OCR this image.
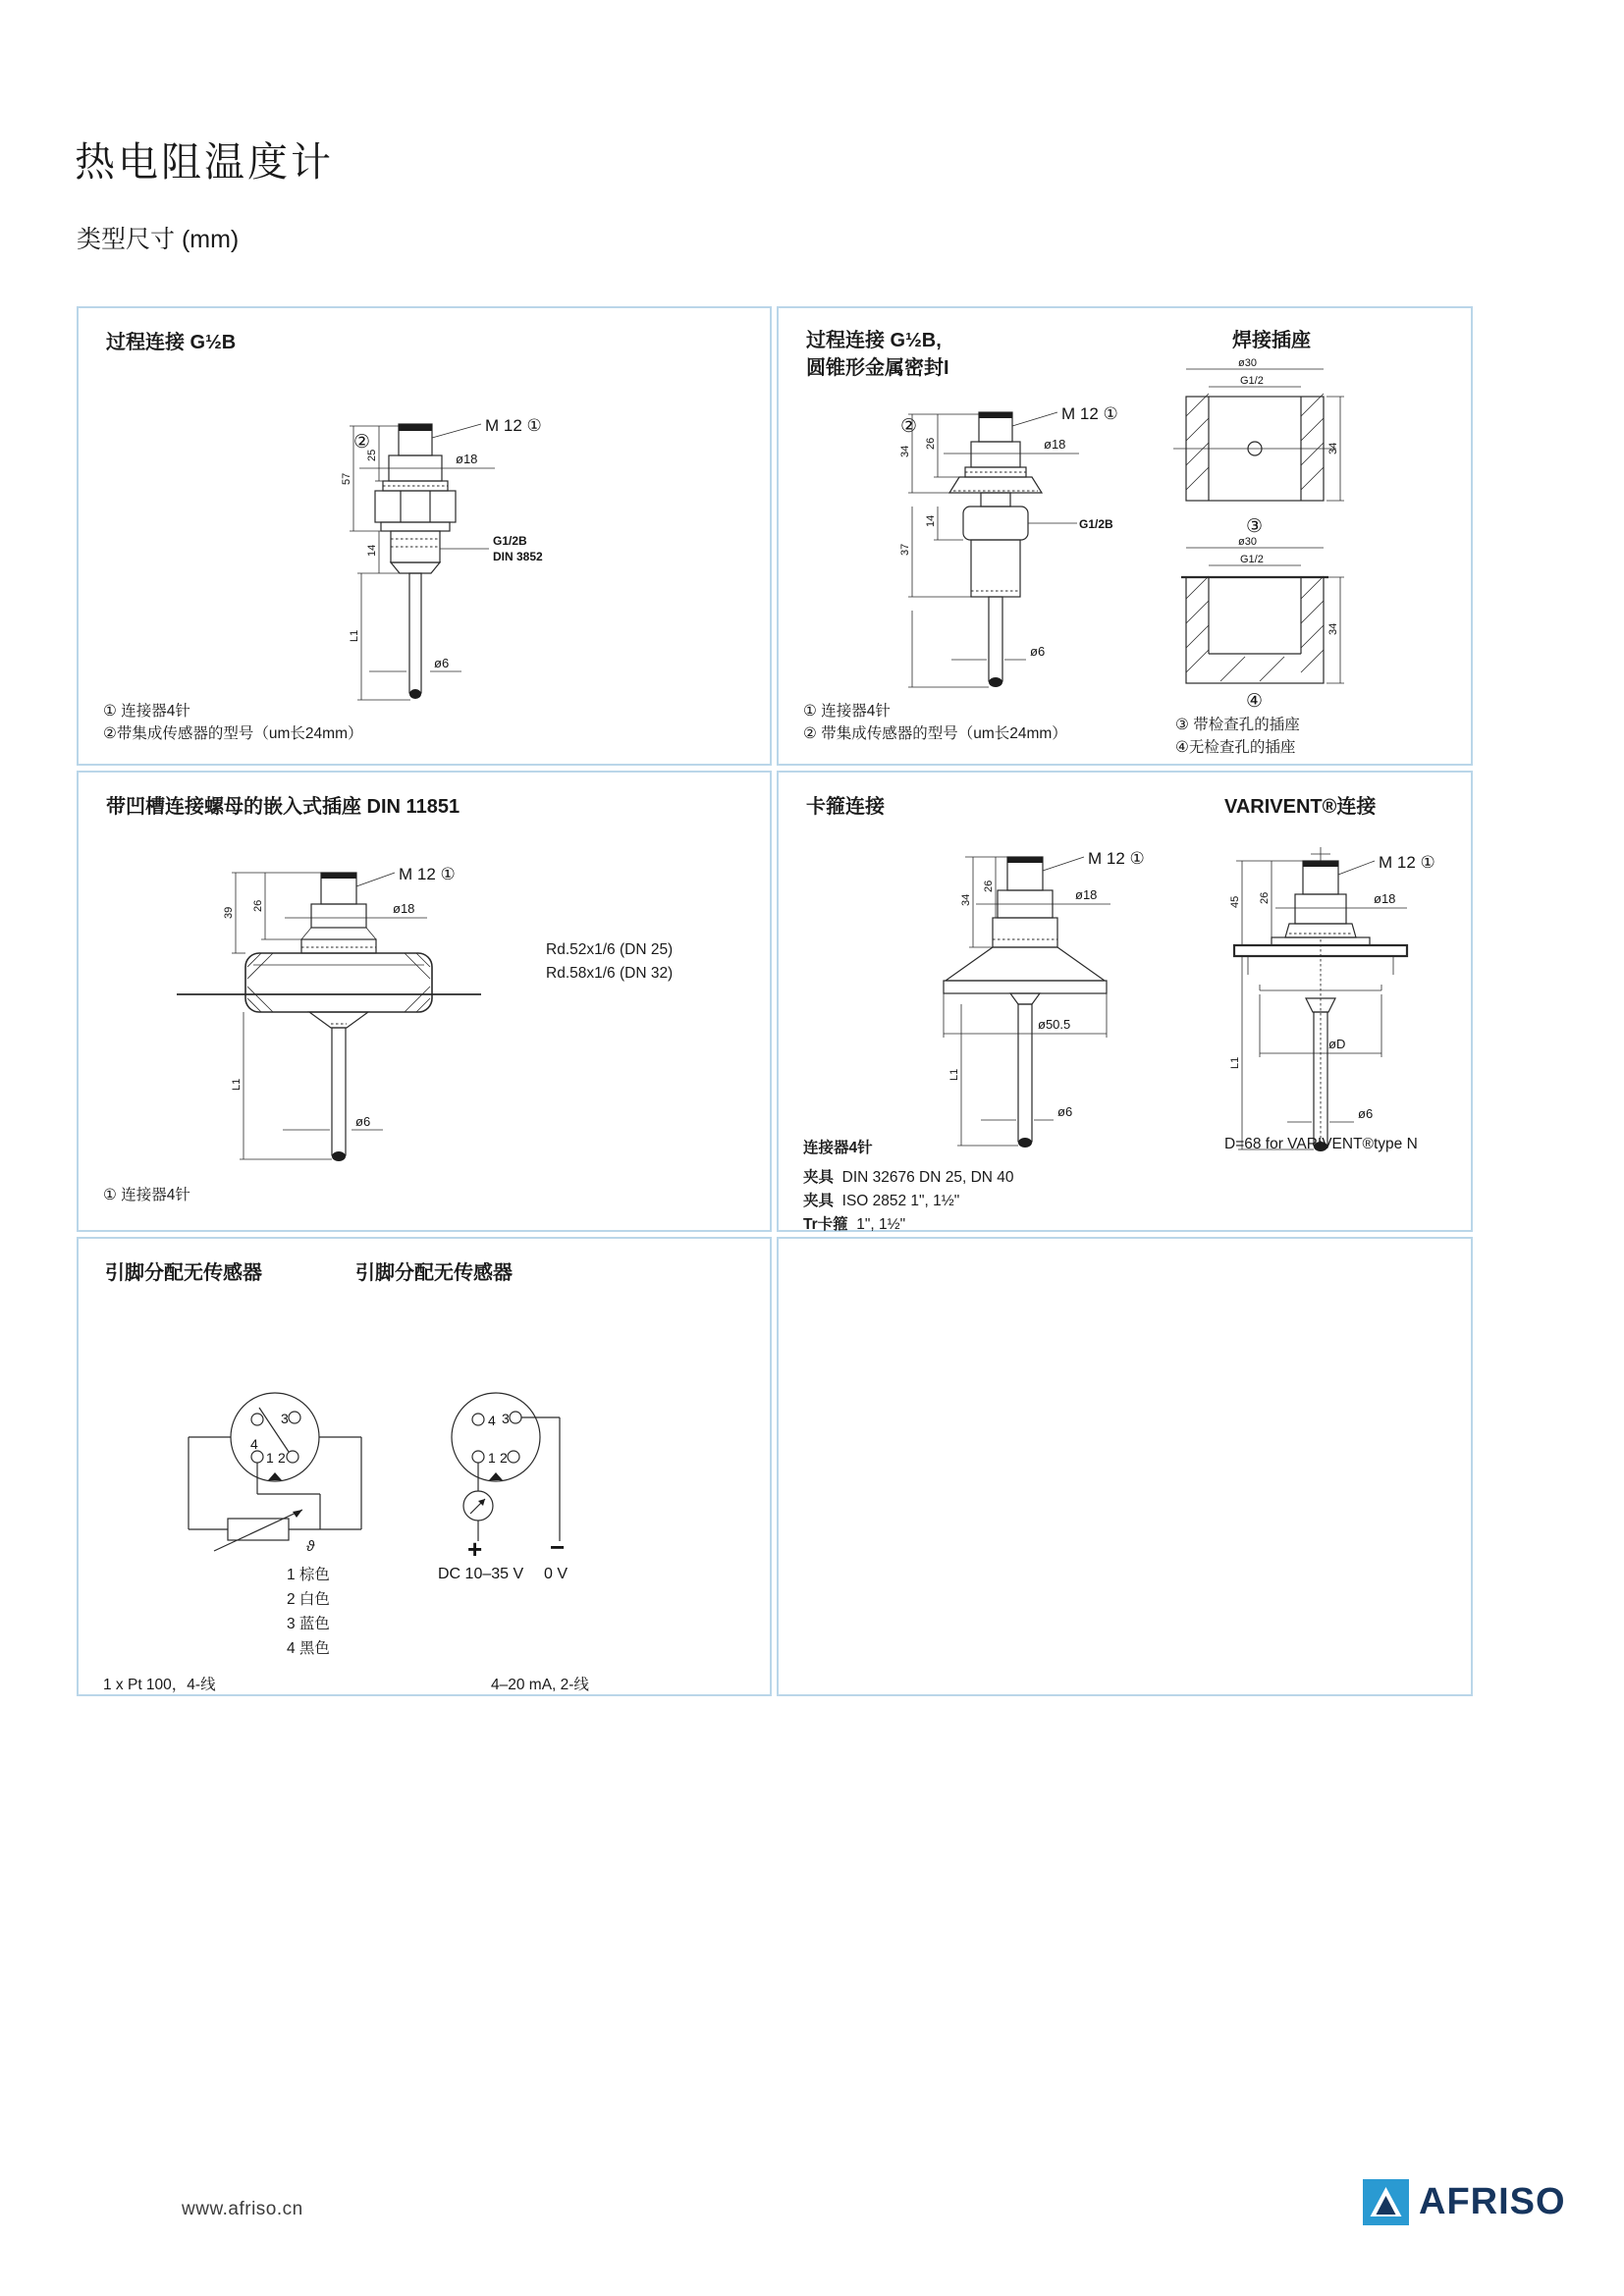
热电阻温度计
类型尺寸 (mm)
过程连接 G½B
M 12 ①
ø18
G1/2B
DIN 3852
②
25
57
14
L1
ø6
① 连接器4针
②带集成传感器的型号（um长24mm）
过程连接 G½B,
圆锥形金属密封I
焊接插座
M 12 ①
ø18
G1/2B
ø6
②
26
34
14
37
ø30
G1/2
34
③
ø30
G1/2
34
④
① 连接器4针
② 带集成传感器的型号（um长24mm）
③ 带检查孔的插座
④无检查孔的插座
带凹槽连接螺母的嵌入式插座 DIN 11851
M 12 ①
ø18
ø6
26
39
L1
Rd.52x1/6 (DN 25)
Rd.58x1/6 (DN 32)
① 连接器4针
卡箍连接	VARIVENT®连接
M 12 ①
ø18
ø50.5
26
34
L1
ø6
M 12 ①
ø18
øD
ø6
26
45
L1
连接器4针
夹具 DIN 32676 DN 25, DN 40
夹具 ISO 2852 1", 1½"
Tr卡箍 1", 1½"
D=68 for VARIVENT®type N
引脚分配无传感器	引脚分配无传感器
4
3
1 2
ϑ
1 棕色
2 白色
3 蓝色
4 黑色
4 3
1 2
+	−
DC 10–35 V 0 V
1 x Pt 100，4-线	4–20 mA, 2-线
www.afriso.cn	AFRISO
